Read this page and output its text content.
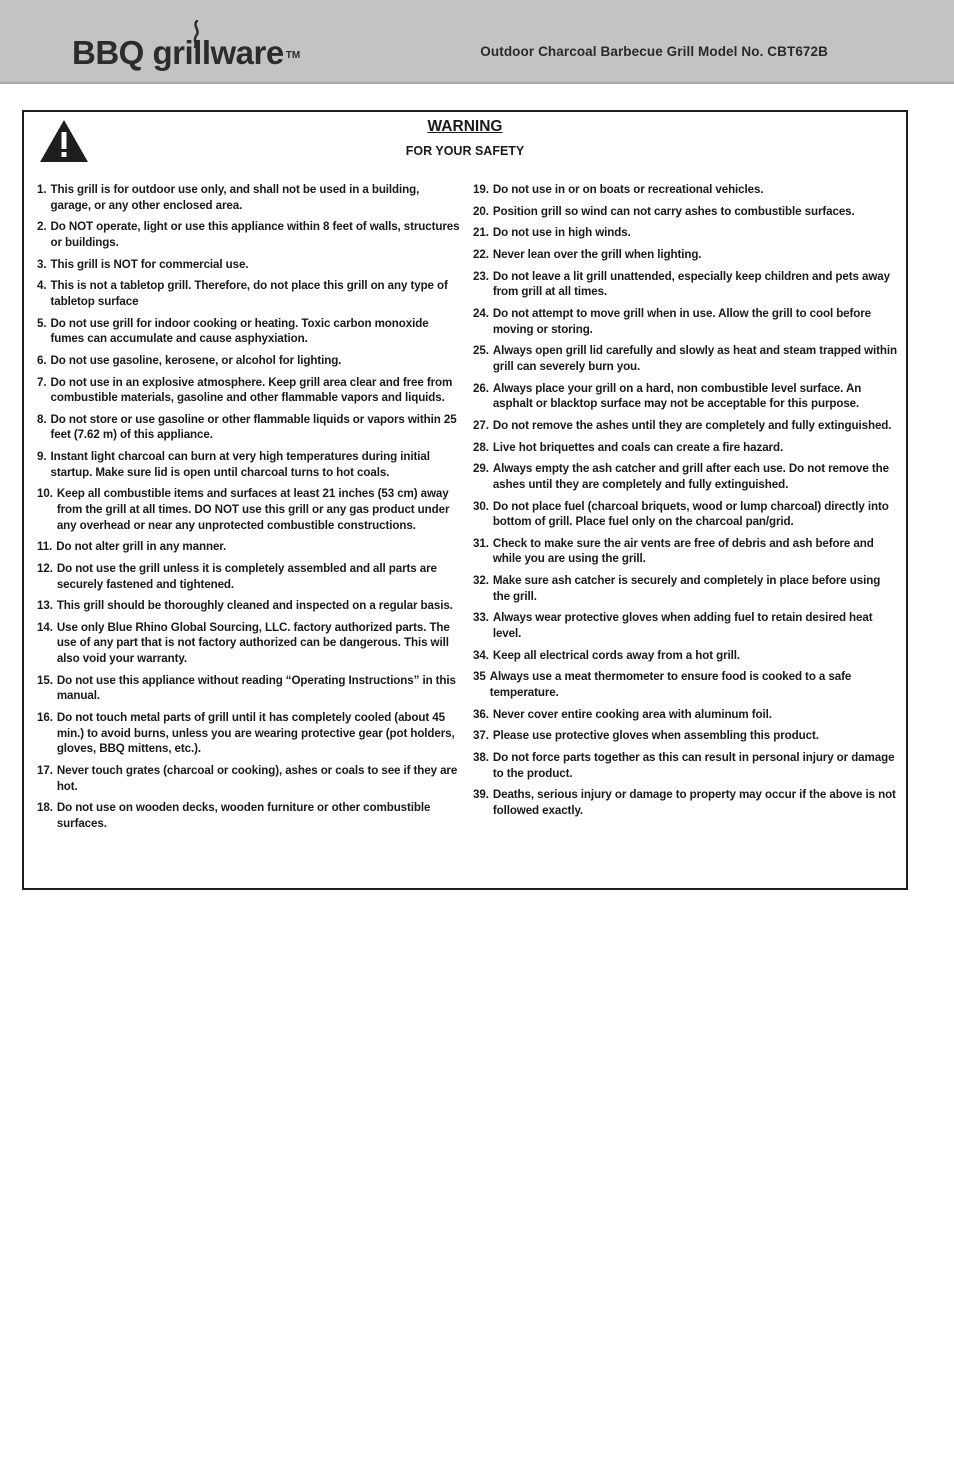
BBQ grillware TM	Outdoor Charcoal Barbecue Grill Model No. CBT672B
WARNING
FOR YOUR SAFETY
1. This grill is for outdoor use only, and shall not be used in a building, garage, or any other enclosed area.
2. Do NOT operate, light or use this appliance within 8 feet of walls, structures or buildings.
3. This grill is NOT for commercial use.
4. This is not a tabletop grill. Therefore, do not place this grill on any type of tabletop surface
5. Do not use grill for indoor cooking or heating. Toxic carbon monoxide fumes can accumulate and cause asphyxiation.
6. Do not use gasoline, kerosene, or alcohol for lighting.
7. Do not use in an explosive atmosphere. Keep grill area clear and free from combustible materials, gasoline and other flammable vapors and liquids.
8. Do not store or use gasoline or other flammable liquids or vapors within 25 feet (7.62 m) of this appliance.
9. Instant light charcoal can burn at very high temperatures during initial startup. Make sure lid is open until charcoal turns to hot coals.
10. Keep all combustible items and surfaces at least 21 inches (53 cm) away from the grill at all times. DO NOT use this grill or any gas product under any overhead or near any unprotected combustible constructions.
11. Do not alter grill in any manner.
12. Do not use the grill unless it is completely assembled and all parts are securely fastened and tightened.
13. This grill should be thoroughly cleaned and inspected on a regular basis.
14. Use only Blue Rhino Global Sourcing, LLC. factory authorized parts. The use of any part that is not factory authorized can be dangerous. This will also void your warranty.
15. Do not use this appliance without reading “Operating Instructions” in this manual.
16. Do not touch metal parts of grill until it has completely cooled (about 45 min.) to avoid burns, unless you are wearing protective gear (pot holders, gloves, BBQ mittens, etc.).
17. Never touch grates (charcoal or cooking), ashes or coals to see if they are hot.
18. Do not use on wooden decks, wooden furniture or other combustible surfaces.
19. Do not use in or on boats or recreational vehicles.
20. Position grill so wind can not carry ashes to combustible surfaces.
21. Do not use in high winds.
22. Never lean over the grill when lighting.
23. Do not leave a lit grill unattended, especially keep children and pets away from grill at all times.
24. Do not attempt to move grill when in use. Allow the grill to cool before moving or storing.
25. Always open grill lid carefully and slowly as heat and steam trapped within grill can severely burn you.
26. Always place your grill on a hard, non combustible level surface. An asphalt or blacktop surface may not be acceptable for this purpose.
27. Do not remove the ashes until they are completely and fully extinguished.
28. Live hot briquettes and coals can create a fire hazard.
29. Always empty the ash catcher and grill after each use. Do not remove the ashes until they are completely and fully extinguished.
30. Do not place fuel (charcoal briquets, wood or lump charcoal) directly into bottom of grill. Place fuel only on the charcoal pan/grid.
31. Check to make sure the air vents are free of debris and ash before and while you are using the grill.
32. Make sure ash catcher is securely and completely in place before using the grill.
33. Always wear protective gloves when adding fuel to retain desired heat level.
34. Keep all electrical cords away from a hot grill.
35 Always use a meat thermometer to ensure food is cooked to a safe temperature.
36. Never cover entire cooking area with aluminum foil.
37. Please use protective gloves when assembling this product.
38. Do not force parts together as this can result in personal injury or damage to the product.
39. Deaths, serious injury or damage to property may occur if the above is not followed exactly.
